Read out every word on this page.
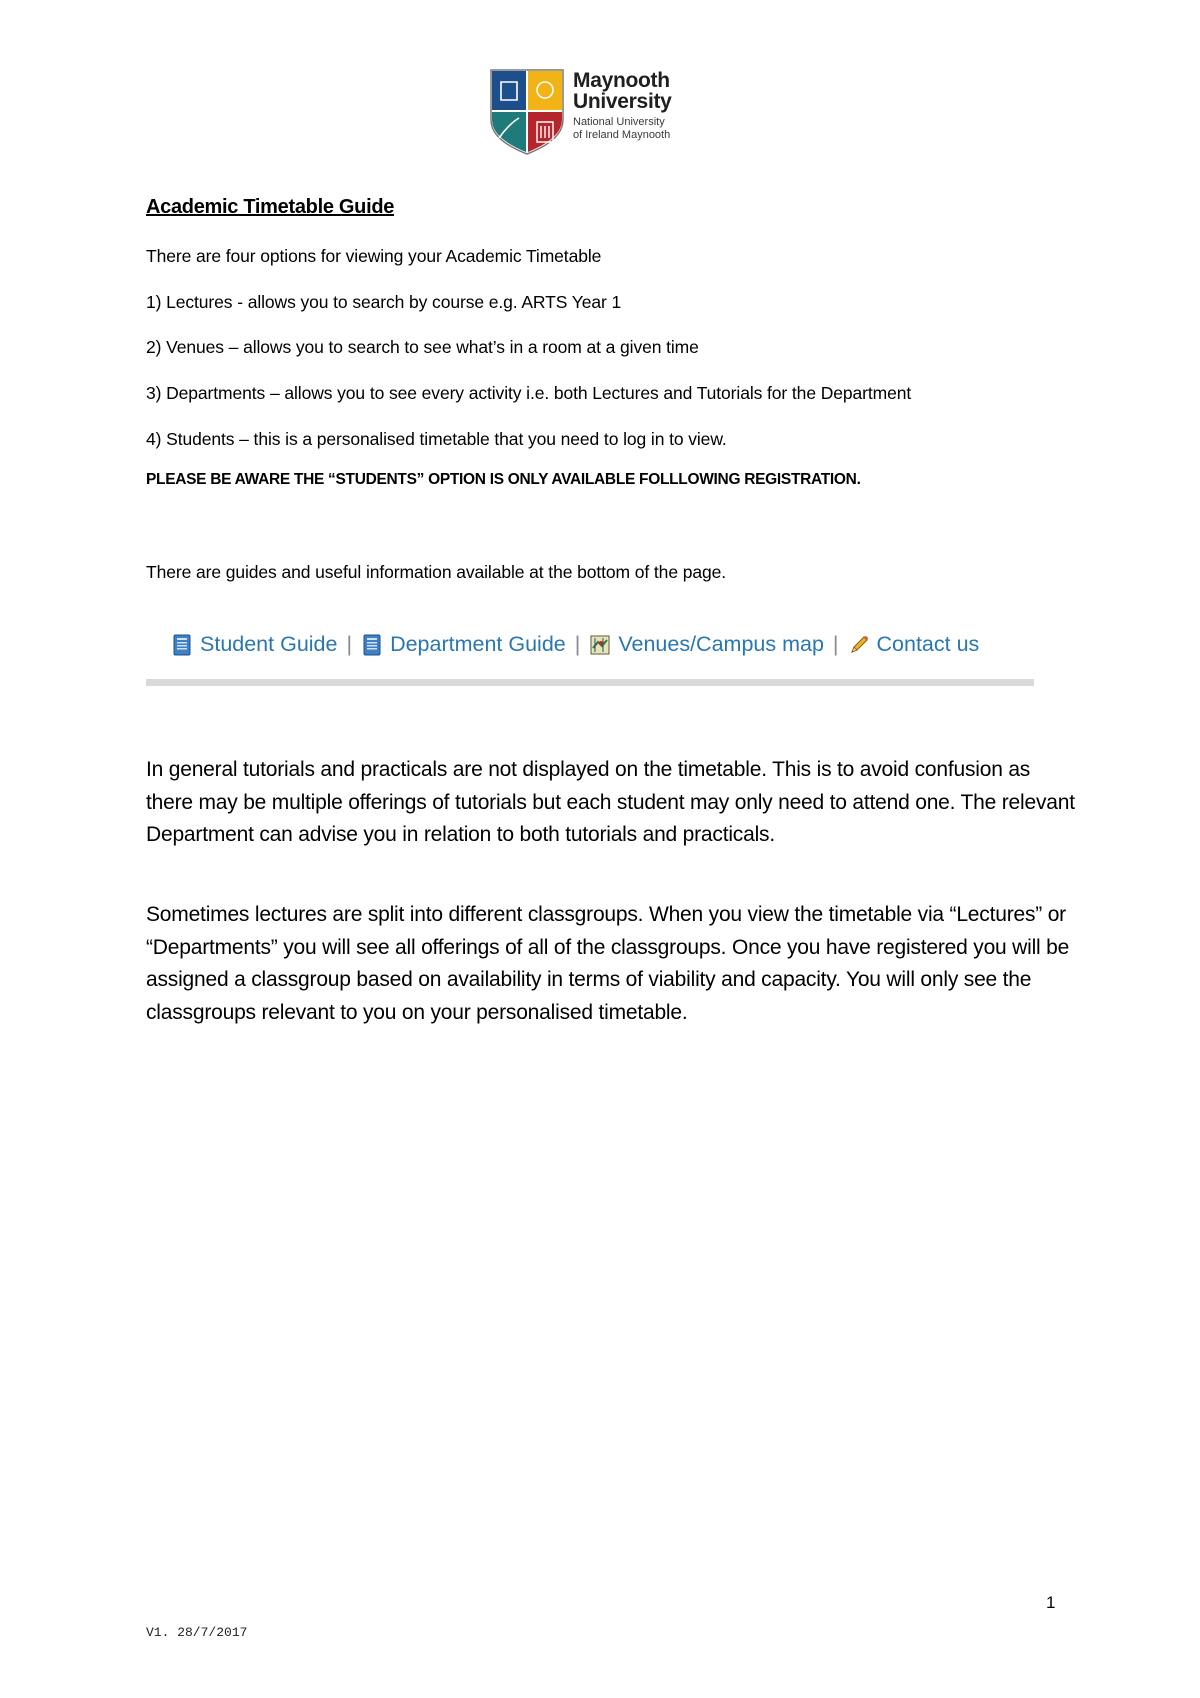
Maynooth
University
National University
of Ireland Maynooth
Academic Timetable Guide

There are four options for viewing your Academic Timetable

1) Lectures - allows you to search by course e.g. ARTS Year 1

2) Venues – allows you to search to see what’s in a room at a given time

3) Departments – allows you to see every activity i.e. both Lectures and Tutorials for the Department

4) Students – this is a personalised timetable that you need to log in to view.

PLEASE BE AWARE THE “STUDENTS” OPTION IS ONLY AVAILABLE FOLLLOWING REGISTRATION.

There are guides and useful information available at the bottom of the page.

Student Guide | Department Guide | Venues/Campus map | Contact us

In general tutorials and practicals are not displayed on the timetable. This is to avoid confusion as there may be multiple offerings of tutorials but each student may only need to attend one. The relevant Department can advise you in relation to both tutorials and practicals.

Sometimes lectures are split into different classgroups. When you view the timetable via “Lectures” or “Departments” you will see all offerings of all of the classgroups. Once you have registered you will be assigned a classgroup based on availability in terms of viability and capacity. You will only see the classgroups relevant to you on your personalised timetable.

1
V1. 28/7/2017
